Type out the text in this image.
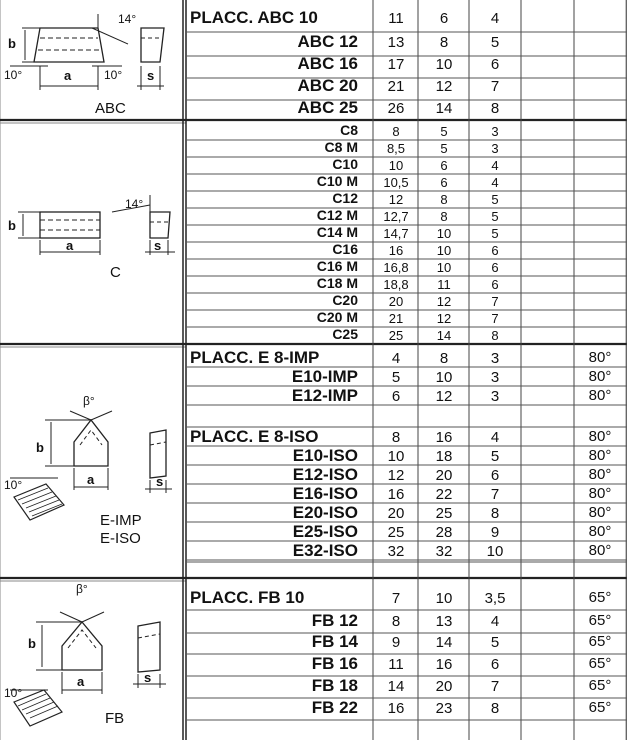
PLACC. ABC 10	11	6	4
ABC 12	13	8	5
ABC 16	17	10	6
ABC 20	21	12	7
ABC 25	26	14	8
C8	8	5	3
C8 M	8,5	5	3
C10	10	6	4
C10 M	10,5	6	4
C12	12	8	5
C12 M	12,7	8	5
C14 M	14,7	10	5
C16	16	10	6
C16 M	16,8	10	6
C18 M	18,8	11	6
C20	20	12	7
C20 M	21	12	7
C25	25	14	8
PLACC. E 8-IMP	4	8	3	80°
E10-IMP	5	10	3	80°
E12-IMP	6	12	3	80°
PLACC. E 8-ISO	8	16	4	80°
E10-ISO	10	18	5	80°
E12-ISO	12	20	6	80°
E16-ISO	16	22	7	80°
E20-ISO	20	25	8	80°
E25-ISO	25	28	9	80°
E32-ISO	32	32	10	80°
PLACC. FB 10	7	10	3,5	65°
FB 12	8	13	4	65°
FB 14	9	14	5	65°
FB 16	11	16	6	65°
FB 18	14	20	7	65°
FB 22	16	23	8	65°
b
a	s
14°
10°	10°
ABC
b
a	s
14°
C
b
a	s
β°
10°
E-IMP
E-ISO
b
a	s
β°
10°
FB
